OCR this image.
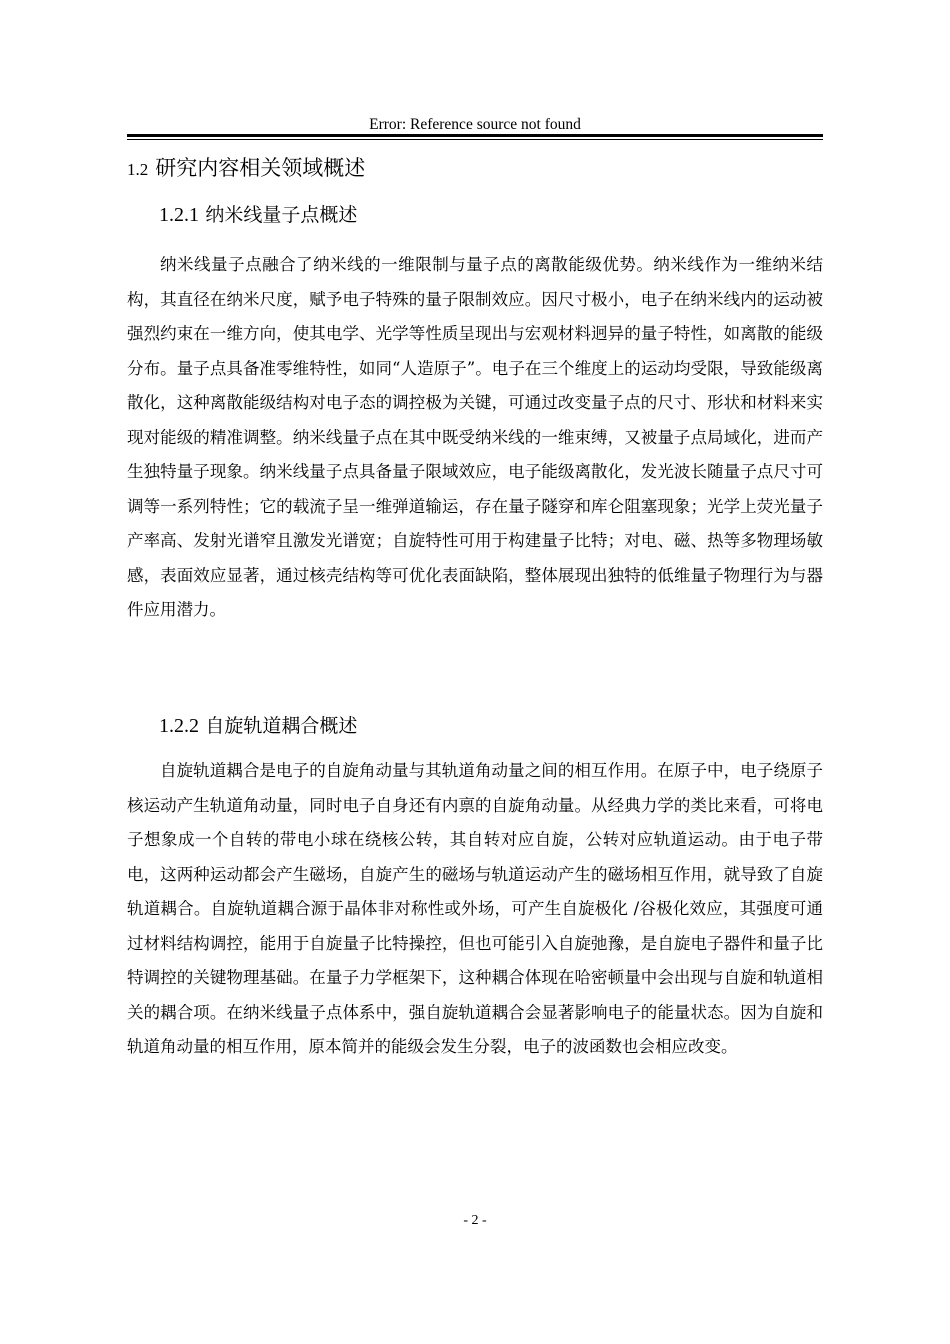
Error: Reference source not found
1.2 研究内容相关领域概述
1.2.1 纳米线量子点概述

纳米线量子点融合了纳米线的一维限制与量子点的离散能级优势。纳米线作为一维纳米结构，其直径在纳米尺度，赋予电子特殊的量子限制效应。因尺寸极小，电子在纳米线内的运动被强烈约束在一维方向，使其电学、光学等性质呈现出与宏观材料迥异的量子特性，如离散的能级分布。量子点具备准零维特性，如同“人造原子”。电子在三个维度上的运动均受限，导致能级离散化，这种离散能级结构对电子态的调控极为关键，可通过改变量子点的尺寸、形状和材料来实现对能级的精准调整。纳米线量子点在其中既受纳米线的一维束缚，又被量子点局域化，进而产生独特量子现象。纳米线量子点具备量子限域效应，电子能级离散化，发光波长随量子点尺寸可调等一系列特性；它的载流子呈一维弹道输运，存在量子隧穿和库仑阻塞现象；光学上荧光量子产率高、发射光谱窄且激发光谱宽；自旋特性可用于构建量子比特；对电、磁、热等多物理场敏感，表面效应显著，通过核壳结构等可优化表面缺陷，整体展现出独特的低维量子物理行为与器件应用潜力。

1.2.2 自旋轨道耦合概述

自旋轨道耦合是电子的自旋角动量与其轨道角动量之间的相互作用。在原子中，电子绕原子核运动产生轨道角动量，同时电子自身还有内禀的自旋角动量。从经典力学的类比来看，可将电子想象成一个自转的带电小球在绕核公转，其自转对应自旋，公转对应轨道运动。由于电子带电，这两种运动都会产生磁场，自旋产生的磁场与轨道运动产生的磁场相互作用，就导致了自旋轨道耦合。自旋轨道耦合源于晶体非对称性或外场，可产生自旋极化 /谷极化效应，其强度可通过材料结构调控，能用于自旋量子比特操控，但也可能引入自旋弛豫，是自旋电子器件和量子比特调控的关键物理基础。在量子力学框架下，这种耦合体现在哈密顿量中会出现与自旋和轨道相关的耦合项。在纳米线量子点体系中，强自旋轨道耦合会显著影响电子的能量状态。因为自旋和轨道角动量的相互作用，原本简并的能级会发生分裂，电子的波函数也会相应改变。

- 2 -
